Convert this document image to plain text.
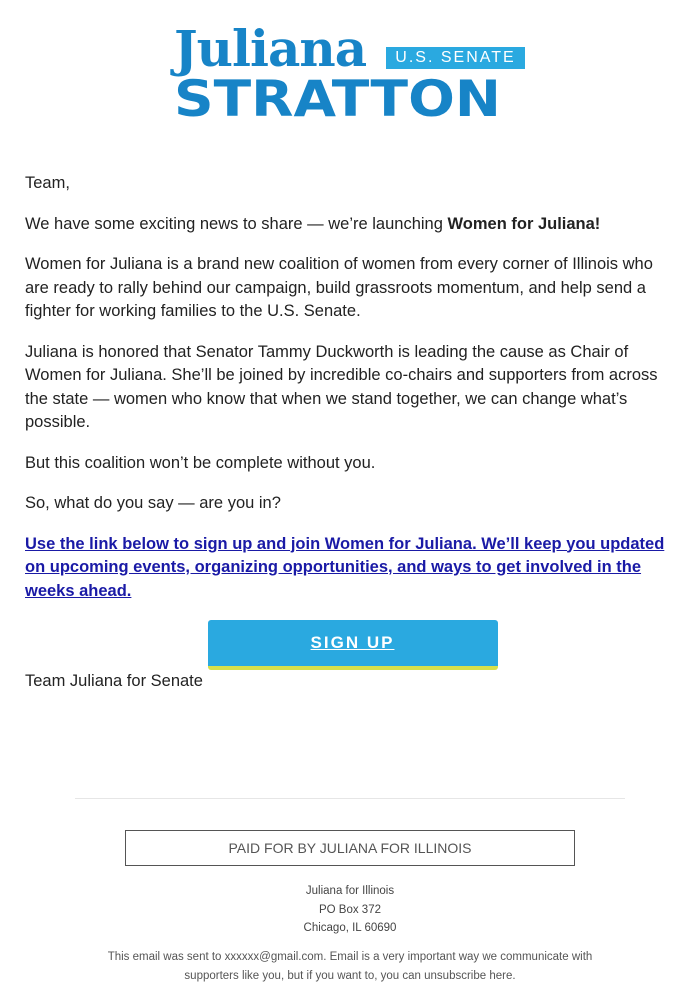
Juliana	U.S. SENATE
STRATTON

Team,

We have some exciting news to share — we’re launching Women for Juliana!

Women for Juliana is a brand new coalition of women from every corner of Illinois who are ready to rally behind our campaign, build grassroots momentum, and help send a fighter for working families to the U.S. Senate.

Juliana is honored that Senator Tammy Duckworth is leading the cause as Chair of Women for Juliana. She’ll be joined by incredible co-chairs and supporters from across the state — women who know that when we stand together, we can change what’s possible.

But this coalition won’t be complete without you.

So, what do you say — are you in?

Use the link below to sign up and join Women for Juliana. We’ll keep you updated on upcoming events, organizing opportunities, and ways to get involved in the weeks ahead.
SIGN UP

Team Juliana for Senate

PAID FOR BY JULIANA FOR ILLINOIS
Juliana for Illinois
PO Box 372
Chicago, IL 60690
This email was sent to xxxxxx@gmail.com. Email is a very important way we communicate with supporters like you, but if you want to, you can unsubscribe here.
